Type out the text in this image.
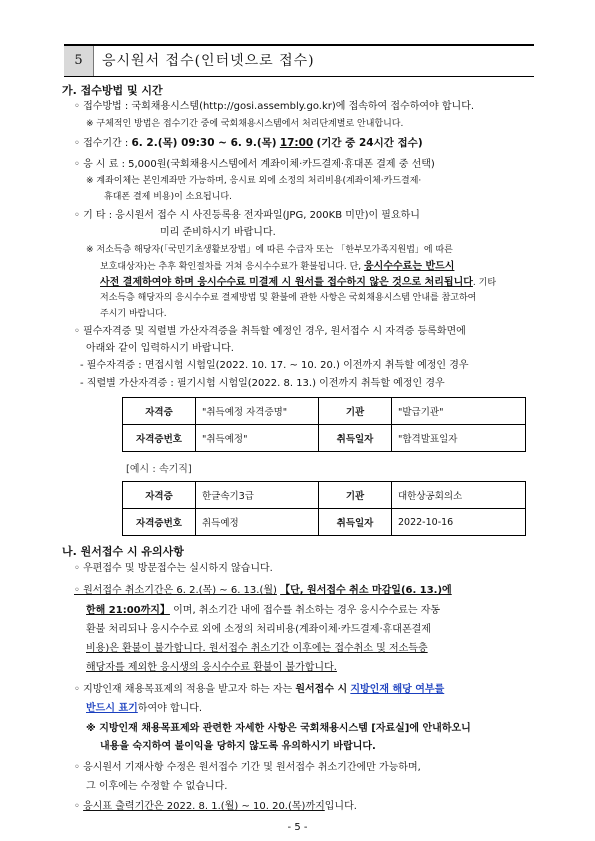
5	응시원서 접수(인터넷으로 접수)
가. 접수방법 및 시간
◦ 접수방법 : 국회채용시스템(http://gosi.assembly.go.kr)에 접속하여 접수하여야 합니다.
※ 구체적인 방법은 접수기간 중에 국회채용시스템에서 처리단계별로 안내합니다.
◦ 접수기간 : 6. 2.(목) 09:30 ~ 6. 9.(목) 17:00 (기간 중 24시간 접수)
◦ 응 시 료 : 5,000원(국회채용시스템에서 계좌이체·카드결제·휴대폰 결제 중 선택)
※ 계좌이체는 본인계좌만 가능하며, 응시료 외에 소정의 처리비용(계좌이체·카드결제·
휴대폰 결제 비용)이 소요됩니다.
◦ 기 타 : 응시원서 접수 시 사진등록용 전자파일(JPG, 200KB 미만)이 필요하니
미리 준비하시기 바랍니다.
※ 저소득층 해당자(「국민기초생활보장법」에 따른 수급자 또는 「한부모가족지원법」에 따른
보호대상자)는 추후 확인절차를 거쳐 응시수수료가 환불됩니다. 단, 응시수수료는 반드시
사전 결제하여야 하며 응시수수료 미결제 시 원서를 접수하지 않은 것으로 처리됩니다. 기타
저소득층 해당자의 응시수수료 결제방법 및 환불에 관한 사항은 국회채용시스템 안내를 참고하여
주시기 바랍니다.
◦ 필수자격증 및 직렬별 가산자격증을 취득할 예정인 경우, 원서접수 시 자격증 등록화면에
아래와 같이 입력하시기 바랍니다.
- 필수자격증 : 면접시험 시험일(2022. 10. 17. ~ 10. 20.) 이전까지 취득할 예정인 경우
- 직렬별 가산자격증 : 필기시험 시험일(2022. 8. 13.) 이전까지 취득할 예정인 경우
자격증	"취득예정 자격증명"	기관	"발급기관"
자격증번호	"취득예정"	취득일자	"합격발표일자
[예시 : 속기직]
자격증	한글속기3급	기관	대한상공회의소
자격증번호	취득예정	취득일자	2022-10-16
나. 원서접수 시 유의사항
◦ 우편접수 및 방문접수는 실시하지 않습니다.
◦ 원서접수 취소기간은 6. 2.(목) ~ 6. 13.(월) 【단, 원서접수 취소 마감일(6. 13.)에
한해 21:00까지】 이며, 취소기간 내에 접수를 취소하는 경우 응시수수료는 자동
환불 처리되나 응시수수료 외에 소정의 처리비용(계좌이체·카드결제·휴대폰결제
비용)은 환불이 불가합니다. 원서접수 취소기간 이후에는 접수취소 및 저소득층
해당자를 제외한 응시생의 응시수수료 환불이 불가합니다.
◦ 지방인재 채용목표제의 적용을 받고자 하는 자는 원서접수 시 지방인재 해당 여부를
반드시 표기하여야 합니다.
※ 지방인재 채용목표제와 관련한 자세한 사항은 국회채용시스템 [자료실]에 안내하오니
내용을 숙지하여 불이익을 당하지 않도록 유의하시기 바랍니다.
◦ 응시원서 기재사항 수정은 원서접수 기간 및 원서접수 취소기간에만 가능하며,
그 이후에는 수정할 수 없습니다.
◦ 응시표 출력기간은 2022. 8. 1.(월) ~ 10. 20.(목)까지입니다.
- 5 -
